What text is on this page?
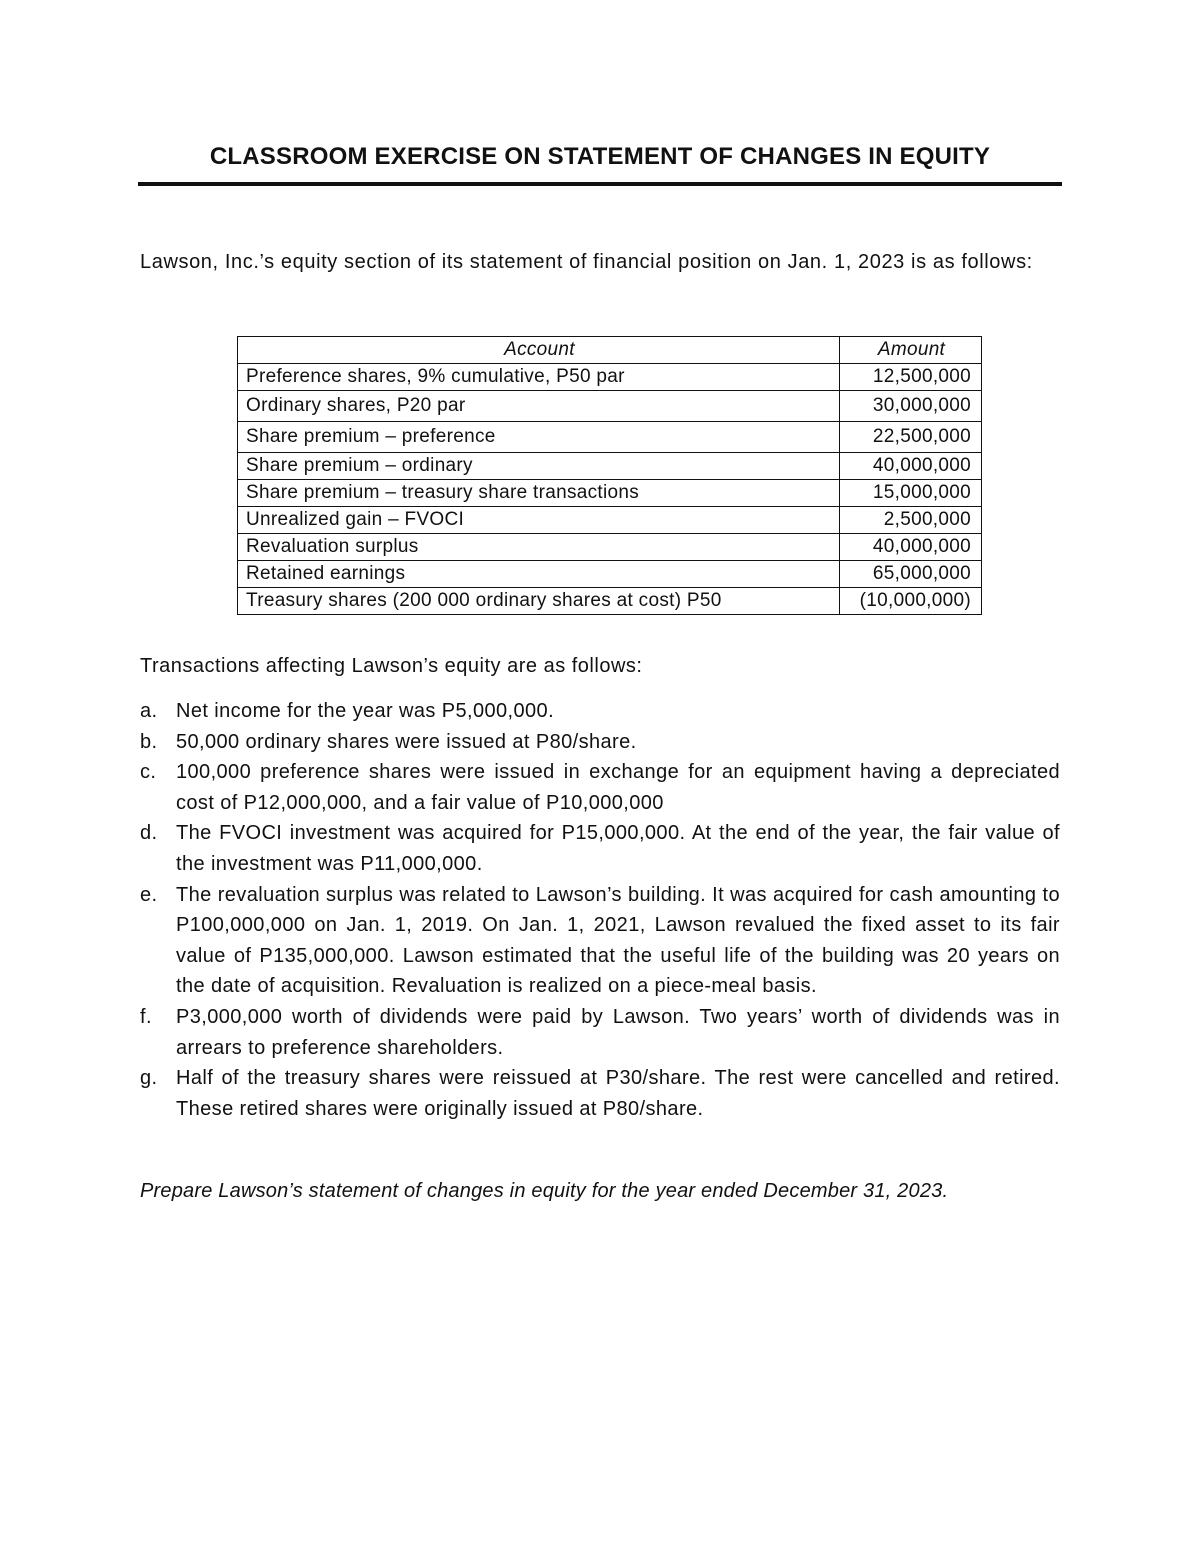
CLASSROOM EXERCISE ON STATEMENT OF CHANGES IN EQUITY
Lawson, Inc.’s equity section of its statement of financial position on Jan. 1, 2023 is as follows:
Account	Amount
Preference shares, 9% cumulative, P50 par	12,500,000
Ordinary shares, P20 par	30,000,000
Share premium – preference	22,500,000
Share premium – ordinary	40,000,000
Share premium – treasury share transactions	15,000,000
Unrealized gain – FVOCI	2,500,000
Revaluation surplus	40,000,000
Retained earnings	65,000,000
Treasury shares (200 000 ordinary shares at cost) P50	(10,000,000)
Transactions affecting Lawson’s equity are as follows:
a. Net income for the year was P5,000,000.
b. 50,000 ordinary shares were issued at P80/share.
c. 100,000 preference shares were issued in exchange for an equipment having a depreciated cost of P12,000,000, and a fair value of P10,000,000
d. The FVOCI investment was acquired for P15,000,000. At the end of the year, the fair value of the investment was P11,000,000.
e. The revaluation surplus was related to Lawson’s building. It was acquired for cash amounting to P100,000,000 on Jan. 1, 2019. On Jan. 1, 2021, Lawson revalued the fixed asset to its fair value of P135,000,000. Lawson estimated that the useful life of the building was 20 years on the date of acquisition. Revaluation is realized on a piece-meal basis.
f. P3,000,000 worth of dividends were paid by Lawson. Two years’ worth of dividends was in arrears to preference shareholders.
g. Half of the treasury shares were reissued at P30/share. The rest were cancelled and retired. These retired shares were originally issued at P80/share.
Prepare Lawson’s statement of changes in equity for the year ended December 31, 2023.
